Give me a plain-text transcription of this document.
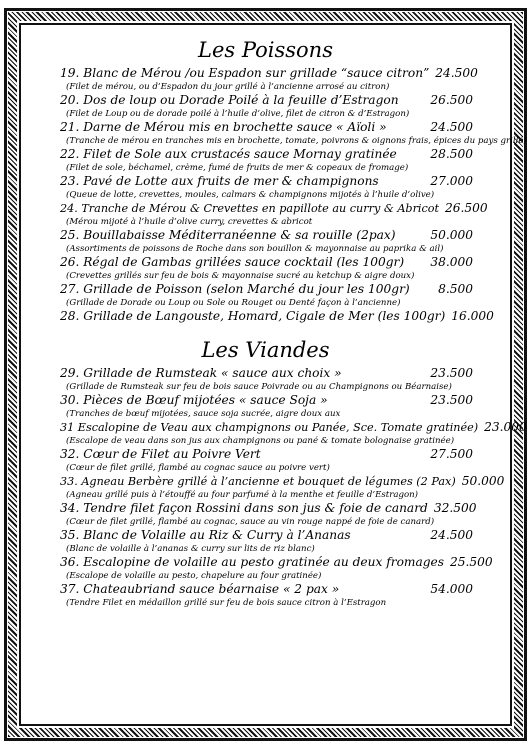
Les Poissons
19. Blanc de Mérou /ou Espadon sur grillade “sauce citron” 24.500
(Filet de mérou, ou d’Espadon du jour grillé à l’ancienne arrosé au citron)
20. Dos de loup ou Dorade Poilé à la feuille d’Estragon	26.500
(Filet de Loup ou de dorade poilé à l’huile d’olive, filet de citron & d’Estragon)
21. Darne de Mérou mis en brochette sauce « Aïoli »	24.500
(Tranche de mérou en tranches mis en brochette, tomate, poivrons & oignons frais, épices du pays grillé)
22. Filet de Sole aux crustacés sauce Mornay gratinée	28.500
(Filet de sole, béchamel, crème, fumé de fruits de mer & copeaux de fromage)
23. Pavé de Lotte aux fruits de mer & champignons	27.000
(Queue de lotte, crevettes, moules, calmars & champignons mijotés à l’huile d’olive)
24. Tranche de Mérou & Crevettes en papillote au curry & Abricot 26.500
(Mérou mijoté à l’huile d’olive curry, crevettes & abricot
25. Bouillabaisse Méditerranéenne & sa rouille (2pax)	50.000
(Assortiments de poissons de Roche dans son bouillon & mayonnaise au paprika & ail)
26. Régal de Gambas grillées sauce cocktail (les 100gr)	38.000
(Crevettes grillés sur feu de bois & mayonnaise sucré au ketchup & aigre doux)
27. Grillade de Poisson (selon Marché du jour les 100gr)	8.500
(Grillade de Dorade ou Loup ou Sole ou Rouget ou Denté façon à l’ancienne)
28. Grillade de Langouste, Homard, Cigale de Mer (les 100gr) 16.000
Les Viandes
29. Grillade de Rumsteak « sauce aux choix »	23.500
(Grillade de Rumsteak sur feu de bois sauce Poivrade ou au Champignons ou Béarnaise)
30. Pièces de Bœuf mijotées « sauce Soja »	23.500
(Tranches de bœuf mijotées, sauce soja sucrée, aigre doux aux
31 Escalopine de Veau aux champignons ou Panée, Sce. Tomate gratinée) 23.000
(Escalope de veau dans son jus aux champignons ou pané & tomate bolognaise gratinée)
32. Cœur de Filet au Poivre Vert	27.500
(Cœur de filet grillé, flambé au cognac sauce au poivre vert)
33. Agneau Berbère grillé à l’ancienne et bouquet de légumes (2 Pax) 50.000
(Agneau grillé puis à l’étouffé au four parfumé à la menthe et feuille d’Estragon)
34. Tendre filet façon Rossini dans son jus & foie de canard 32.500
(Cœur de filet grillé, flambé au cognac, sauce au vin rouge nappé de foie de canard)
35. Blanc de Volaille au Riz & Curry à l’Ananas	24.500
(Blanc de volaille à l’ananas & curry sur lits de riz blanc)
36. Escalopine de volaille au pesto gratinée au deux fromages 25.500
(Escalope de volaille au pesto, chapelure au four gratinée)
37. Chateaubriand sauce béarnaise « 2 pax »	54.000
(Tendre Filet en médaillon grillé sur feu de bois sauce citron à l’Estragon
